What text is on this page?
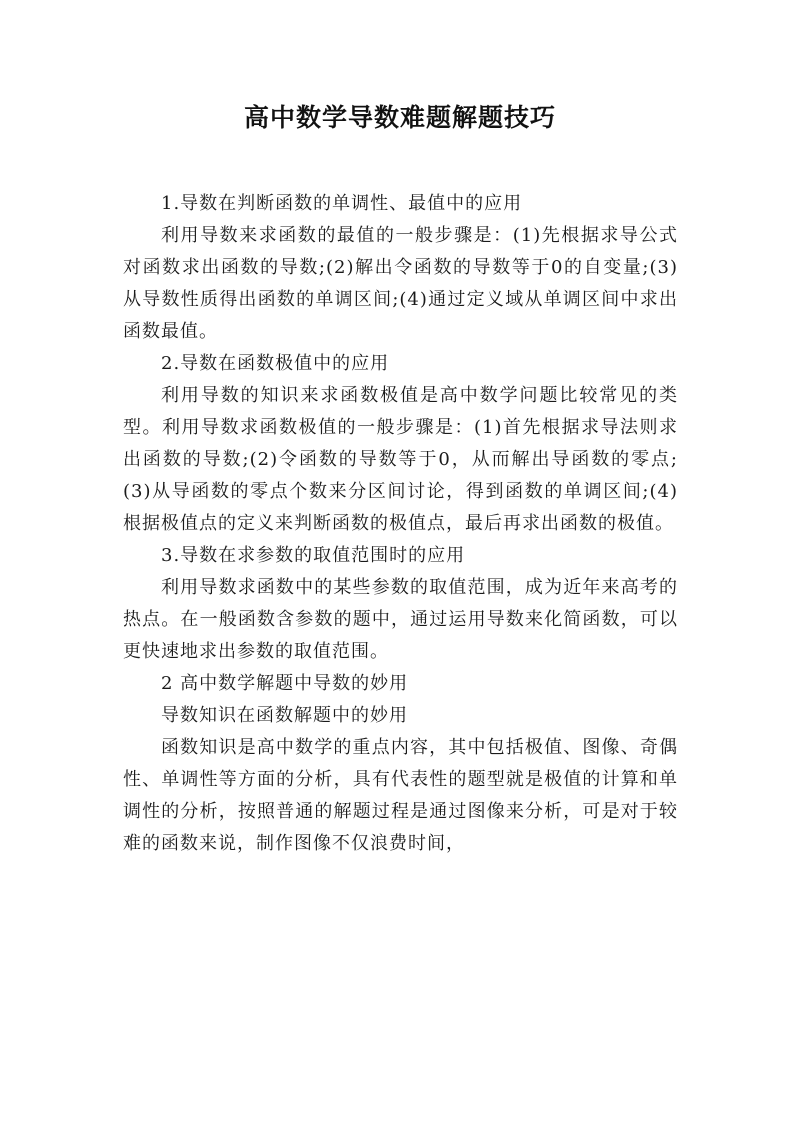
高中数学导数难题解题技巧

1.导数在判断函数的单调性、最值中的应用

利用导数来求函数的最值的一般步骤是：(1)先根据求导公式对函数求出函数的导数;(2)解出令函数的导数等于0的自变量;(3)从导数性质得出函数的单调区间;(4)通过定义域从单调区间中求出函数最值。

2.导数在函数极值中的应用

利用导数的知识来求函数极值是高中数学问题比较常见的类型。利用导数求函数极值的一般步骤是：(1)首先根据求导法则求出函数的导数;(2)令函数的导数等于0，从而解出导函数的零点;(3)从导函数的零点个数来分区间讨论，得到函数的单调区间;(4)根据极值点的定义来判断函数的极值点，最后再求出函数的极值。

3.导数在求参数的取值范围时的应用

利用导数求函数中的某些参数的取值范围，成为近年来高考的热点。在一般函数含参数的题中，通过运用导数来化简函数，可以更快速地求出参数的取值范围。

2 高中数学解题中导数的妙用

导数知识在函数解题中的妙用

函数知识是高中数学的重点内容，其中包括极值、图像、奇偶性、单调性等方面的分析，具有代表性的题型就是极值的计算和单调性的分析，按照普通的解题过程是通过图像来分析，可是对于较难的函数来说，制作图像不仅浪费时间，
